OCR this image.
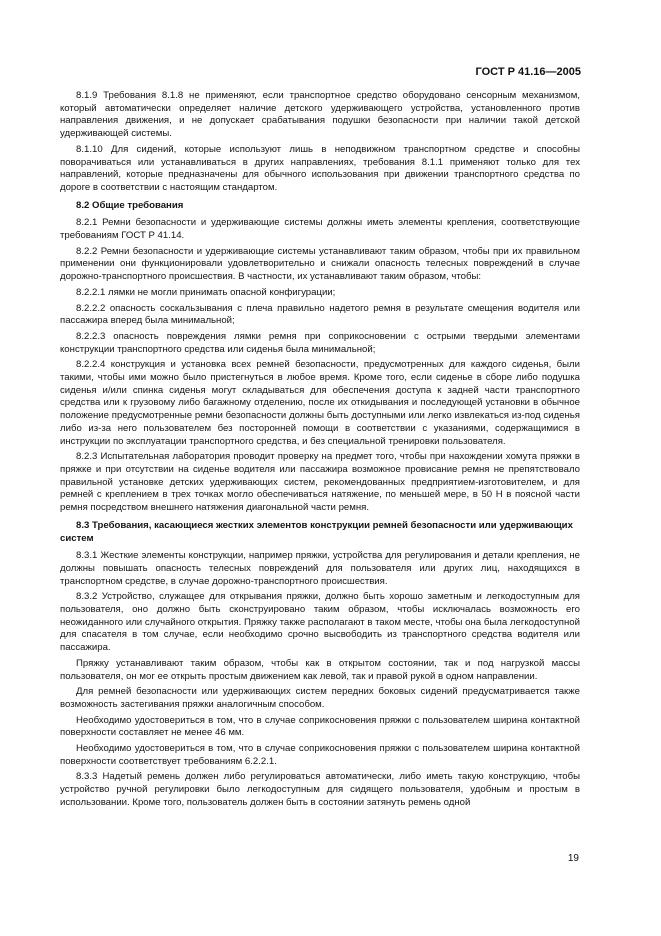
ГОСТ Р 41.16—2005
8.1.9 Требования 8.1.8 не применяют, если транспортное средство оборудовано сенсорным механизмом, который автоматически определяет наличие детского удерживающего устройства, установленного против направления движения, и не допускает срабатывания подушки безопасности при наличии такой детской удерживающей системы.
8.1.10 Для сидений, которые используют лишь в неподвижном транспортном средстве и способны поворачиваться или устанавливаться в других направлениях, требования 8.1.1 применяют только для тех направлений, которые предназначены для обычного использования при движении транспортного средства по дороге в соответствии с настоящим стандартом.
8.2 Общие требования
8.2.1 Ремни безопасности и удерживающие системы должны иметь элементы крепления, соответствующие требованиям ГОСТ Р 41.14.
8.2.2 Ремни безопасности и удерживающие системы устанавливают таким образом, чтобы при их правильном применении они функционировали удовлетворительно и снижали опасность телесных повреждений в случае дорожно-транспортного происшествия. В частности, их устанавливают таким образом, чтобы:
8.2.2.1 лямки не могли принимать опасной конфигурации;
8.2.2.2 опасность соскальзывания с плеча правильно надетого ремня в результате смещения водителя или пассажира вперед была минимальной;
8.2.2.3 опасность повреждения лямки ремня при соприкосновении с острыми твердыми элементами конструкции транспортного средства или сиденья была минимальной;
8.2.2.4 конструкция и установка всех ремней безопасности, предусмотренных для каждого сиденья, были такими, чтобы ими можно было пристегнуться в любое время. Кроме того, если сиденье в сборе либо подушка сиденья и/или спинка сиденья могут складываться для обеспечения доступа к задней части транспортного средства или к грузовому либо багажному отделению, после их откидывания и последующей установки в обычное положение предусмотренные ремни безопасности должны быть доступными или легко извлекаться из-под сиденья либо из-за него пользователем без посторонней помощи в соответствии с указаниями, содержащимися в инструкции по эксплуатации транспортного средства, и без специальной тренировки пользователя.
8.2.3 Испытательная лаборатория проводит проверку на предмет того, чтобы при нахождении хомута пряжки в пряжке и при отсутствии на сиденье водителя или пассажира возможное провисание ремня не препятствовало правильной установке детских удерживающих систем, рекомендованных предприятием-изготовителем, и для ремней с креплением в трех точках могло обеспечиваться натяжение, по меньшей мере, в 50 Н в поясной части ремня посредством внешнего натяжения диагональной части ремня.
8.3 Требования, касающиеся жестких элементов конструкции ремней безопасности или удерживающих систем
8.3.1 Жесткие элементы конструкции, например пряжки, устройства для регулирования и детали крепления, не должны повышать опасность телесных повреждений для пользователя или других лиц, находящихся в транспортном средстве, в случае дорожно-транспортного происшествия.
8.3.2 Устройство, служащее для открывания пряжки, должно быть хорошо заметным и легкодоступным для пользователя, оно должно быть сконструировано таким образом, чтобы исключалась возможность его неожиданного или случайного открытия. Пряжку также располагают в таком месте, чтобы она была легкодоступной для спасателя в том случае, если необходимо срочно высвободить из транспортного средства водителя или пассажира.
Пряжку устанавливают таким образом, чтобы как в открытом состоянии, так и под нагрузкой массы пользователя, он мог ее открыть простым движением как левой, так и правой рукой в одном направлении.
Для ремней безопасности или удерживающих систем передних боковых сидений предусматривается также возможность застегивания пряжки аналогичным способом.
Необходимо удостовериться в том, что в случае соприкосновения пряжки с пользователем ширина контактной поверхности составляет не менее 46 мм.
Необходимо удостовериться в том, что в случае соприкосновения пряжки с пользователем ширина контактной поверхности соответствует требованиям 6.2.2.1.
8.3.3 Надетый ремень должен либо регулироваться автоматически, либо иметь такую конструкцию, чтобы устройство ручной регулировки было легкодоступным для сидящего пользователя, удобным и простым в использовании. Кроме того, пользователь должен быть в состоянии затянуть ремень одной
19
